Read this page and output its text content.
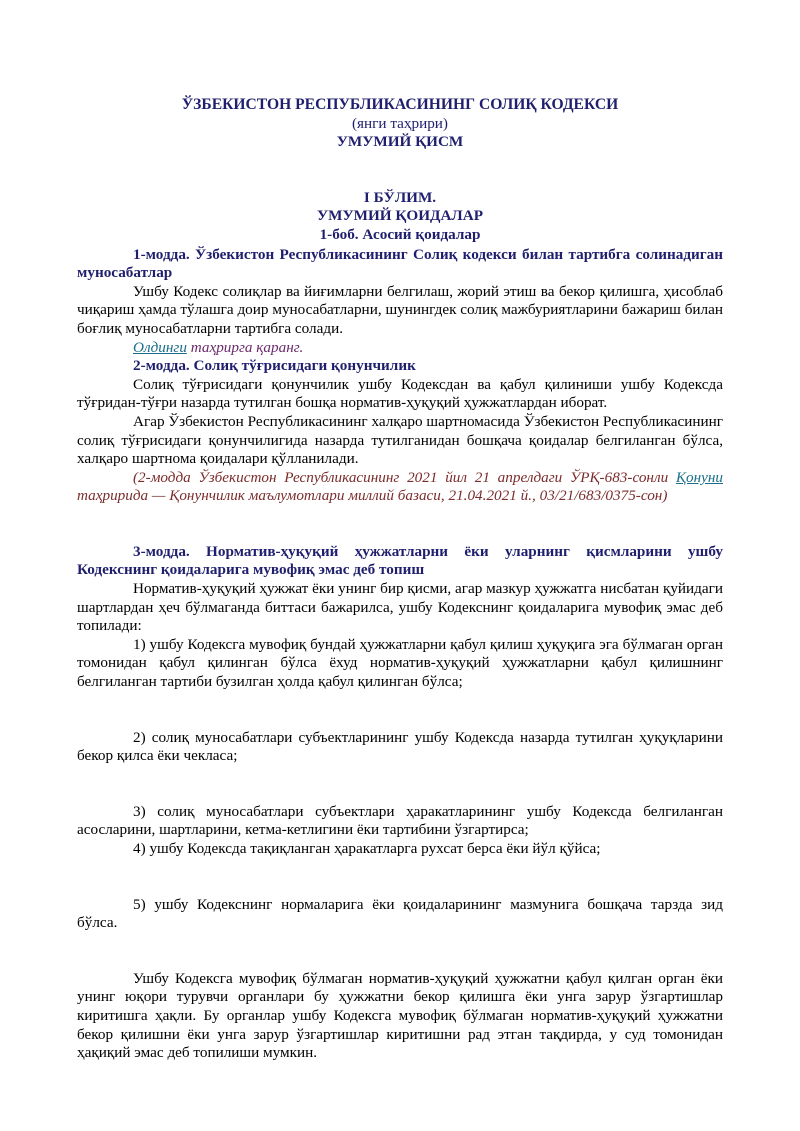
ЎЗБЕКИСТОН РЕСПУБЛИКАСИНИНГ СОЛИҚ КОДЕКСИ

(янги таҳрири)

УМУМИЙ ҚИСМ

I БЎЛИМ.

УМУМИЙ ҚОИДАЛАР

1-боб. Асосий қоидалар

1-модда. Ўзбекистон Республикасининг Солиқ кодекси билан тартибга солинадиган муносабатлар

Ушбу Кодекс солиқлар ва йиғимларни белгилаш, жорий этиш ва бекор қилишга, ҳисоблаб чиқариш ҳамда тўлашга доир муносабатларни, шунингдек солиқ мажбуриятларини бажариш билан боғлиқ муносабатларни тартибга солади.

Олдинги таҳрирга қаранг.

2-модда. Солиқ тўғрисидаги қонунчилик

Солиқ тўғрисидаги қонунчилик ушбу Кодексдан ва қабул қилиниши ушбу Кодексда тўғридан-тўғри назарда тутилган бошқа норматив-ҳуқуқий ҳужжатлардан иборат.

Агар Ўзбекистон Республикасининг халқаро шартномасида Ўзбекистон Республикасининг солиқ тўғрисидаги қонунчилигида назарда тутилганидан бошқача қоидалар белгиланган бўлса, халқаро шартнома қоидалари қўлланилади.

(2-модда Ўзбекистон Республикасининг 2021 йил 21 апрелдаги ЎРҚ-683-сонли Қонуни таҳририда — Қонунчилик маълумотлари миллий базаси, 21.04.2021 й., 03/21/683/0375-сон)

3-модда. Норматив-ҳуқуқий ҳужжатларни ёки уларнинг қисмларини ушбу Кодекснинг қоидаларига мувофиқ эмас деб топиш

Норматив-ҳуқуқий ҳужжат ёки унинг бир қисми, агар мазкур ҳужжатга нисбатан қуйидаги шартлардан ҳеч бўлмаганда биттаси бажарилса, ушбу Кодекснинг қоидаларига мувофиқ эмас деб топилади:

1) ушбу Кодексга мувофиқ бундай ҳужжатларни қабул қилиш ҳуқуқига эга бўлмаган орган томонидан қабул қилинган бўлса ёхуд норматив-ҳуқуқий ҳужжатларни қабул қилишнинг белгиланган тартиби бузилган ҳолда қабул қилинган бўлса;

2) солиқ муносабатлари субъектларининг ушбу Кодексда назарда тутилган ҳуқуқларини бекор қилса ёки чекласа;

3) солиқ муносабатлари субъектлари ҳаракатларининг ушбу Кодексда белгиланган асосларини, шартларини, кетма-кетлигини ёки тартибини ўзгартирса;

4) ушбу Кодексда тақиқланган ҳаракатларга рухсат берса ёки йўл қўйса;

5) ушбу Кодекснинг нормаларига ёки қоидаларининг мазмунига бошқача тарзда зид бўлса.

Ушбу Кодексга мувофиқ бўлмаган норматив-ҳуқуқий ҳужжатни қабул қилган орган ёки унинг юқори турувчи органлари бу ҳужжатни бекор қилишга ёки унга зарур ўзгартишлар киритишга ҳақли. Бу органлар ушбу Кодексга мувофиқ бўлмаган норматив-ҳуқуқий ҳужжатни бекор қилишни ёки унга зарур ўзгартишлар киритишни рад этган тақдирда, у суд томонидан ҳақиқий эмас деб топилиши мумкин.
